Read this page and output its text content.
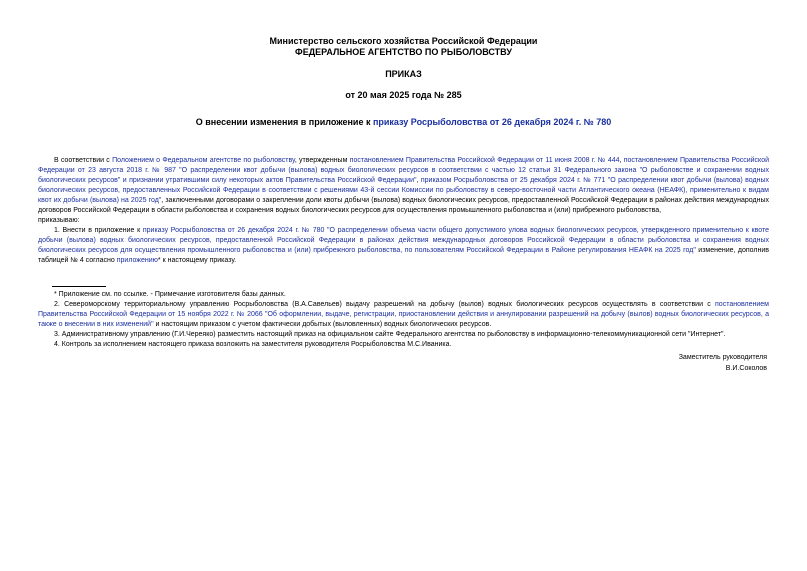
Министерство сельского хозяйства Российской Федерации
ФЕДЕРАЛЬНОЕ АГЕНТСТВО ПО РЫБОЛОВСТВУ
ПРИКАЗ
от 20 мая 2025 года № 285
О внесении изменения в приложение к приказу Росрыболовства от 26 декабря 2024 г. № 780
В соответствии с Положением о Федеральном агентстве по рыболовству, утвержденным постановлением Правительства Российской Федерации от 11 июня 2008 г. № 444, постановлением Правительства Российской Федерации от 23 августа 2018 г. № 987 "О распределении квот добычи (вылова) водных биологических ресурсов в соответствии с частью 12 статьи 31 Федерального закона "О рыболовстве и сохранении водных биологических ресурсов" и признании утратившими силу некоторых актов Правительства Российской Федерации", приказом Росрыболовства от 25 декабря 2024 г. № 771 "О распределении квот добычи (вылова) водных биологических ресурсов, предоставленных Российской Федерации в соответствии с решениями 43-й сессии Комиссии по рыболовству в северо-восточной части Атлантического океана (НЕАФК), применительно к видам квот их добычи (вылова) на 2025 год", заключенными договорами о закреплении доли квоты добычи (вылова) водных биологических ресурсов, предоставленной Российской Федерации в районах действия международных договоров Российской Федерации в области рыболовства и сохранения водных биологических ресурсов для осуществления промышленного рыболовства и (или) прибрежного рыболовства,
приказываю:
1. Внести в приложение к приказу Росрыболовства от 26 декабря 2024 г. № 780 "О распределении объема части общего допустимого улова водных биологических ресурсов, утвержденного применительно к квоте добычи (вылова) водных биологических ресурсов, предоставленной Российской Федерации в районах действия международных договоров Российской Федерации в области рыболовства и сохранения водных биологических ресурсов для осуществления промышленного рыболовства и (или) прибрежного рыболовства, по пользователям Российской Федерации в Районе регулирования НЕАФК на 2025 год" изменение, дополнив таблицей № 4 согласно приложению* к настоящему приказу.
* Приложение см. по ссылке. - Примечание изготовителя базы данных.
2. Североморскому территориальному управлению Росрыболовства (В.А.Савельев) выдачу разрешений на добычу (вылов) водных биологических ресурсов осуществлять в соответствии с постановлением Правительства Российской Федерации от 15 ноября 2022 г. № 2066 "Об оформлении, выдаче, регистрации, приостановлении действия и аннулировании разрешений на добычу (вылов) водных биологических ресурсов, а также о внесении в них изменений" и настоящим приказом с учетом фактически добытых (выловленных) водных биологических ресурсов.
3. Административному управлению (Г.И.Череяко) разместить настоящий приказ на официальном сайте Федерального агентства по рыболовству в информационно-телекоммуникационной сети "Интернет".
4. Контроль за исполнением настоящего приказа возложить на заместителя руководителя Росрыболовства М.С.Иваника.
Заместитель руководителя
В.И.Соколов
